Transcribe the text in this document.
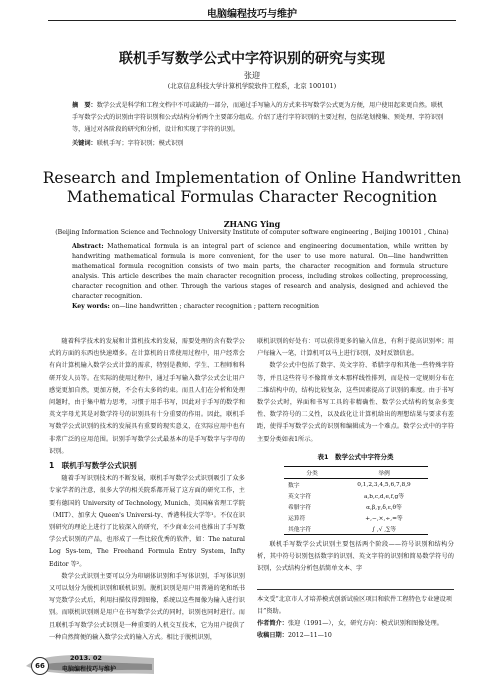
电脑编程技巧与维护
联机手写数学公式中字符识别的研究与实现
张迎
(北京信息科技大学计算机学院软件工程系，北京 100101)
摘　要：数学公式是科学和工程文档中不可或缺的一部分，而通过手写输入的方式来书写数学公式更为方便，用户使用起来更自然。联机手写数学公式的识别由字符识别和公式结构分析两个主要部分组成。介绍了进行字符识别的主要过程，包括笔划搜集、预处理、字符识别等，通过对各阶段的研究和分析，设计和实现了字符的识别。
关键词：联机手写；字符识别；模式识别
Research and Implementation of Online Handwritten Mathematical Formulas Character Recognition
ZHANG Ying
(Beijing Information Science and Technology University Institute of computer software engineering , Beijing 100101 , China)
Abstract: Mathematical formula is an integral part of science and engineering documentation, while written by handwriting mathematical formula is more convenient, for the user to use more natural. On—line handwritten mathematical formula recognition consists of two main parts, the character recognition and formula structure analysis. This article describes the main character recognition process, including strokes collecting, preprocessing, character recognition and other. Through the various stages of research and analysis, designed and achieved the character recognition.
Key words: on—line handwritten ; character recognition ; pattern recognition

随着科学技术的发展和计算机技术的发展，需要处理的含有数学公式的方面的东西也快速增多。在计算机的日常使用过程中，用户经常会有向计算机输入数学公式计算的需求，特别是教师、学生、工程师和科研开发人员等。在实际的使用过程中，通过手写输入数学公式会让用户感觉更加自然，更加方便，不会有太多的约束。而且人们在分析和处理问题时，由于集中精力思考，习惯于用手书写，因此对于手写的数学和英文字母尤其是对数学符号的识别具有十分重要的作用。因此，联机手写数学公式识别的技术的发展具有重要的现实意义，在实际应用中也有非常广泛的应用范围。识别手写数学公式最基本的是手写数字与字母的识别。

1　联机手写数学公式识别

随着手写识别技术的不断发展，联机手写数学公式识别吸引了众多专家学者的注意，很多大学的相关院系都开展了这方面的研究工作，主要有德国的 University of Technology, Munich、美国麻省理工学院（MIT）、加拿大 Queen's Universi-ty、香港科技大学等¹。不仅在识别研究的理论上进行了比较深入的研究，不少商业公司也推出了手写数学公式识别的产品，也形成了一些比较优秀的软件，如：The natural Log Sys-tem, The Freehand Formula Entry System, Infty Editor 等²。

数学公式识别主要可以分为印刷体识别和手写体识别，手写体识别又可以划分为脱机识别和联机识别。脱机识别是用户用普通的笔和纸书写完数学公式后，利用扫描仪得到图像，系统以这些图像为输入进行识别。而联机识别则是用户在书写数学公式的同时，识别也同时进行。而且联机手写数学公式识别是一种重要的人机交互技术，它为用户提供了一种自然简便的输入数学公式的输入方式。相比于脱机识别，

联机识别的好处有：可以获得更多的输入信息，有利于提高识别率；用户每输入一笔，计算机可以马上进行识别，及时反馈信息。

数学公式中包括了数字、英文字符、希腊字母和其他一些特殊字符等，并且这些符号不像简单文本那样线性排列，而是按一定规则分布在二维结构中的，结构比较复杂，这些因素提高了识别的难度。由于书写数学公式时，界面和书写工具的非精确性、数学公式结构的复杂多变性、数学符号的二义性，以及歧化让计算机给出的理想结果与要求有差距，使得手写数学公式的识别和编辑成为一个难点。数学公式中的字符主要分类如表1所示。

表1　数学公式中字符分类
分类	举例
数字	0,1,2,3,4,5,6,7,8,9
英文字符	a,b,c,d,e,f,g等
希腊字符	α,β,γ,δ,ε,θ等
运算符	+,−,×,÷,=等
其他字符	∫ ,√ ,∑等

联机手写数学公式识别主要包括两个阶段——符号识别和结构分析，其中符号识别包括数字的识别、英文字符的识别和简易数学符号的识别，公式结构分析包括简单文本、字

本文受“北京市人才培养模式创新试验区项目和软件工程特色专业建设项目”资助。
作者简介：张迎（1991—），女，研究方向：模式识别和图像处理。
收稿日期：2012—11—10
66
2013. 02
电脑编程技巧与维护
